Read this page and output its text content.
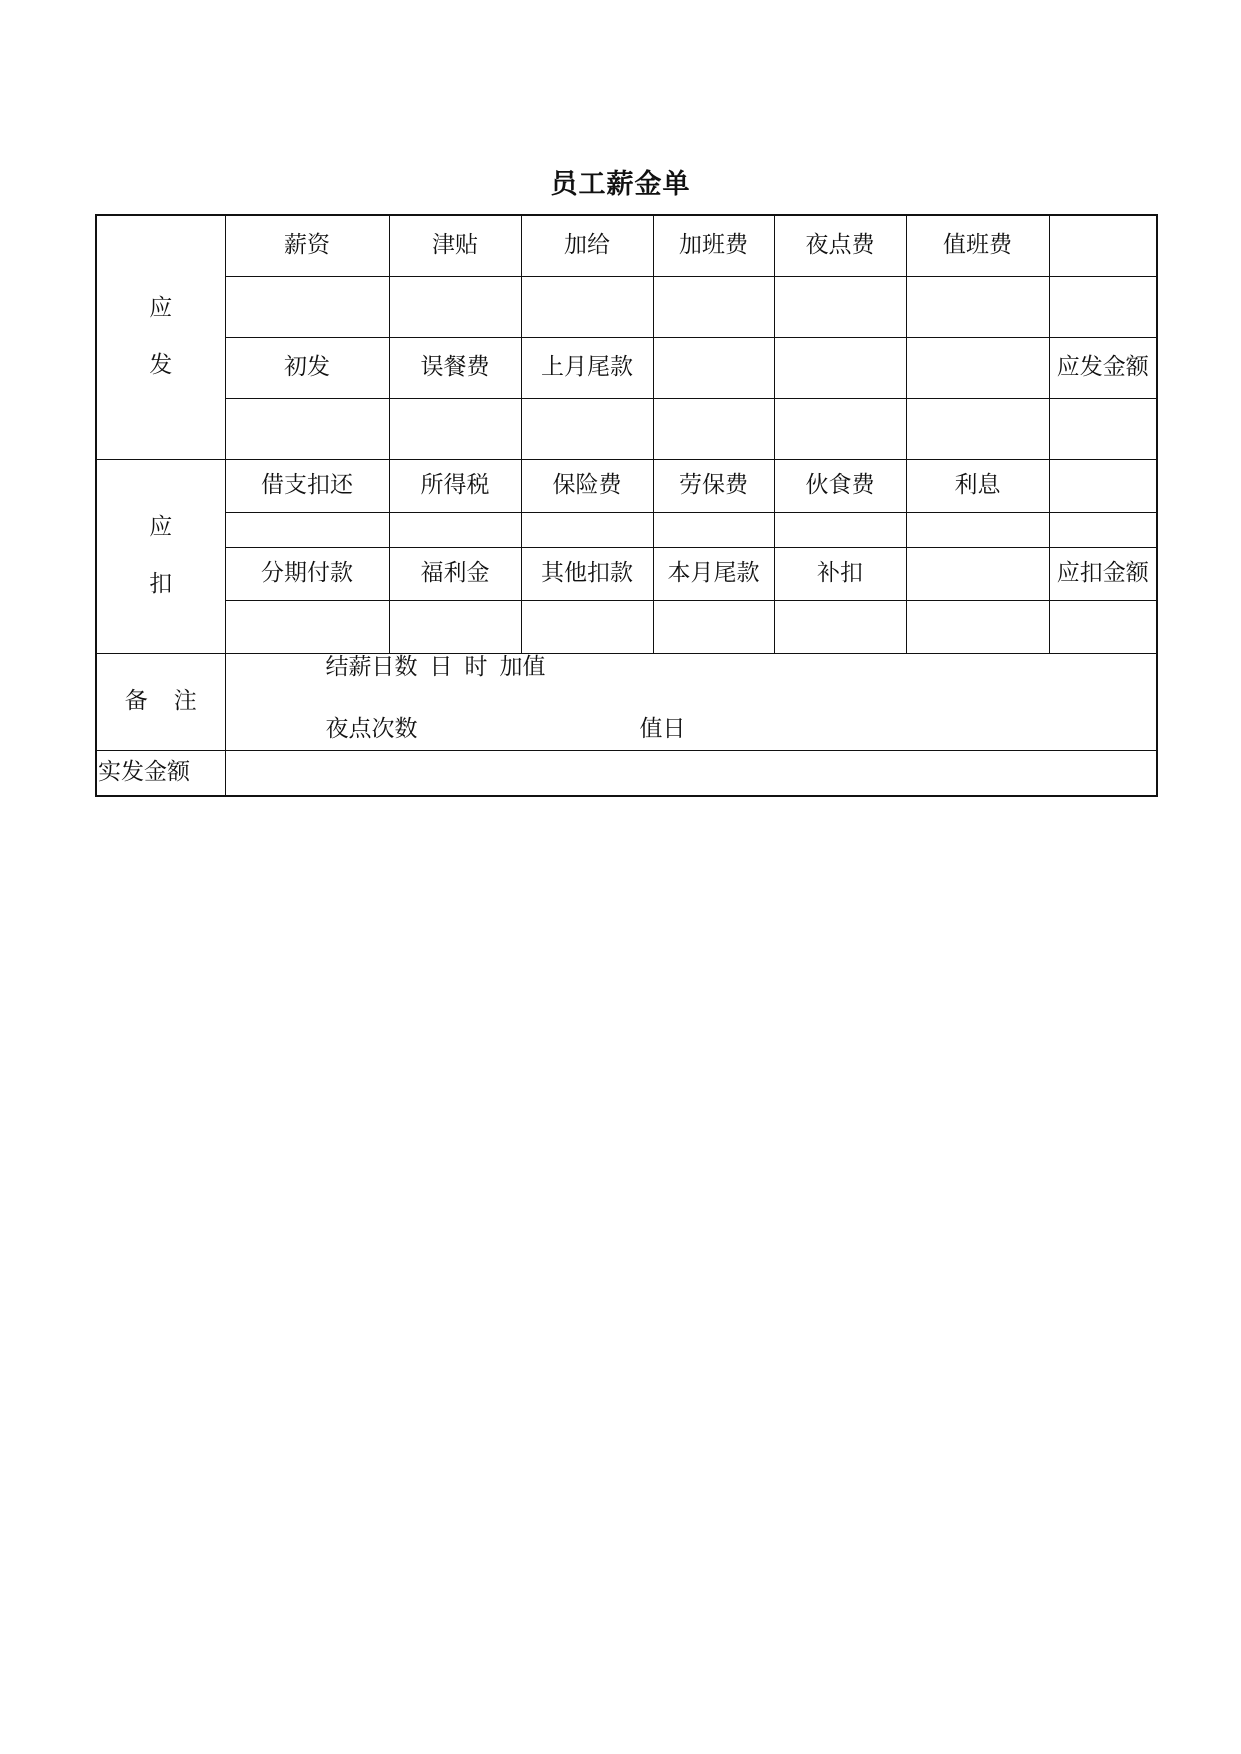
员工薪金单
应
发	薪资	津贴	加给	加班费	夜点费	值班费	

	初发	误餐费	上月尾款				应发金额

应
扣	借支扣还	所得税	保险费	劳保费	伙食费	利息	

	分期付款	福利金	其他扣款	本月尾款	补扣		应扣金额

备 注	结薪日数 日 时 加值
夜点次数 值日						

实发金额							
